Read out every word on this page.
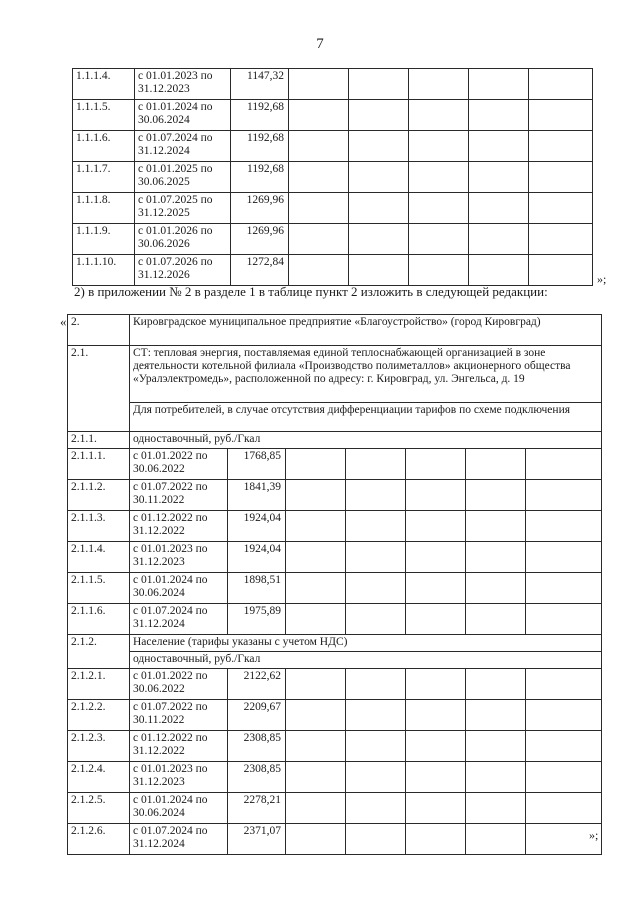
7
1.1.1.4.	с 01.01.2023 по 31.12.2023	1147,32					
1.1.1.5.	с 01.01.2024 по 30.06.2024	1192,68					
1.1.1.6.	с 01.07.2024 по 31.12.2024	1192,68					
1.1.1.7.	с 01.01.2025 по 30.06.2025	1192,68					
1.1.1.8.	с 01.07.2025 по 31.12.2025	1269,96					
1.1.1.9.	с 01.01.2026 по 30.06.2026	1269,96					
1.1.1.10.	с 01.07.2026 по 31.12.2026	1272,84					
»;
2) в приложении № 2 в разделе 1 в таблице пункт 2 изложить в следующей редакции:
« 2.	Кировградское муниципальное предприятие «Благоустройство» (город Кировград)						
2.1.	СТ: тепловая энергия, поставляемая единой теплоснабжающей организацией в зоне деятельности котельной филиала «Производство полиметаллов» акционерного общества «Уралэлектромедь», расположенной по адресу: г. Кировград, ул. Энгельса, д. 19						
	Для потребителей, в случае отсутствия дифференциации тарифов по схеме подключения						
2.1.1.	одноставочный, руб./Гкал						
2.1.1.1.	с 01.01.2022 по 30.06.2022	1768,85					
2.1.1.2.	с 01.07.2022 по 30.11.2022	1841,39					
2.1.1.3.	с 01.12.2022 по 31.12.2022	1924,04					
2.1.1.4.	с 01.01.2023 по 31.12.2023	1924,04					
2.1.1.5.	с 01.01.2024 по 30.06.2024	1898,51					
2.1.1.6.	с 01.07.2024 по 31.12.2024	1975,89					
2.1.2.	Население (тарифы указаны с учетом НДС)						
	одноставочный, руб./Гкал						
2.1.2.1.	с 01.01.2022 по 30.06.2022	2122,62					
2.1.2.2.	с 01.07.2022 по 30.11.2022	2209,67					
2.1.2.3.	с 01.12.2022 по 31.12.2022	2308,85					
2.1.2.4.	с 01.01.2023 по 31.12.2023	2308,85					
2.1.2.5.	с 01.01.2024 по 30.06.2024	2278,21					
2.1.2.6.	с 01.07.2024 по 31.12.2024	2371,07						»;
